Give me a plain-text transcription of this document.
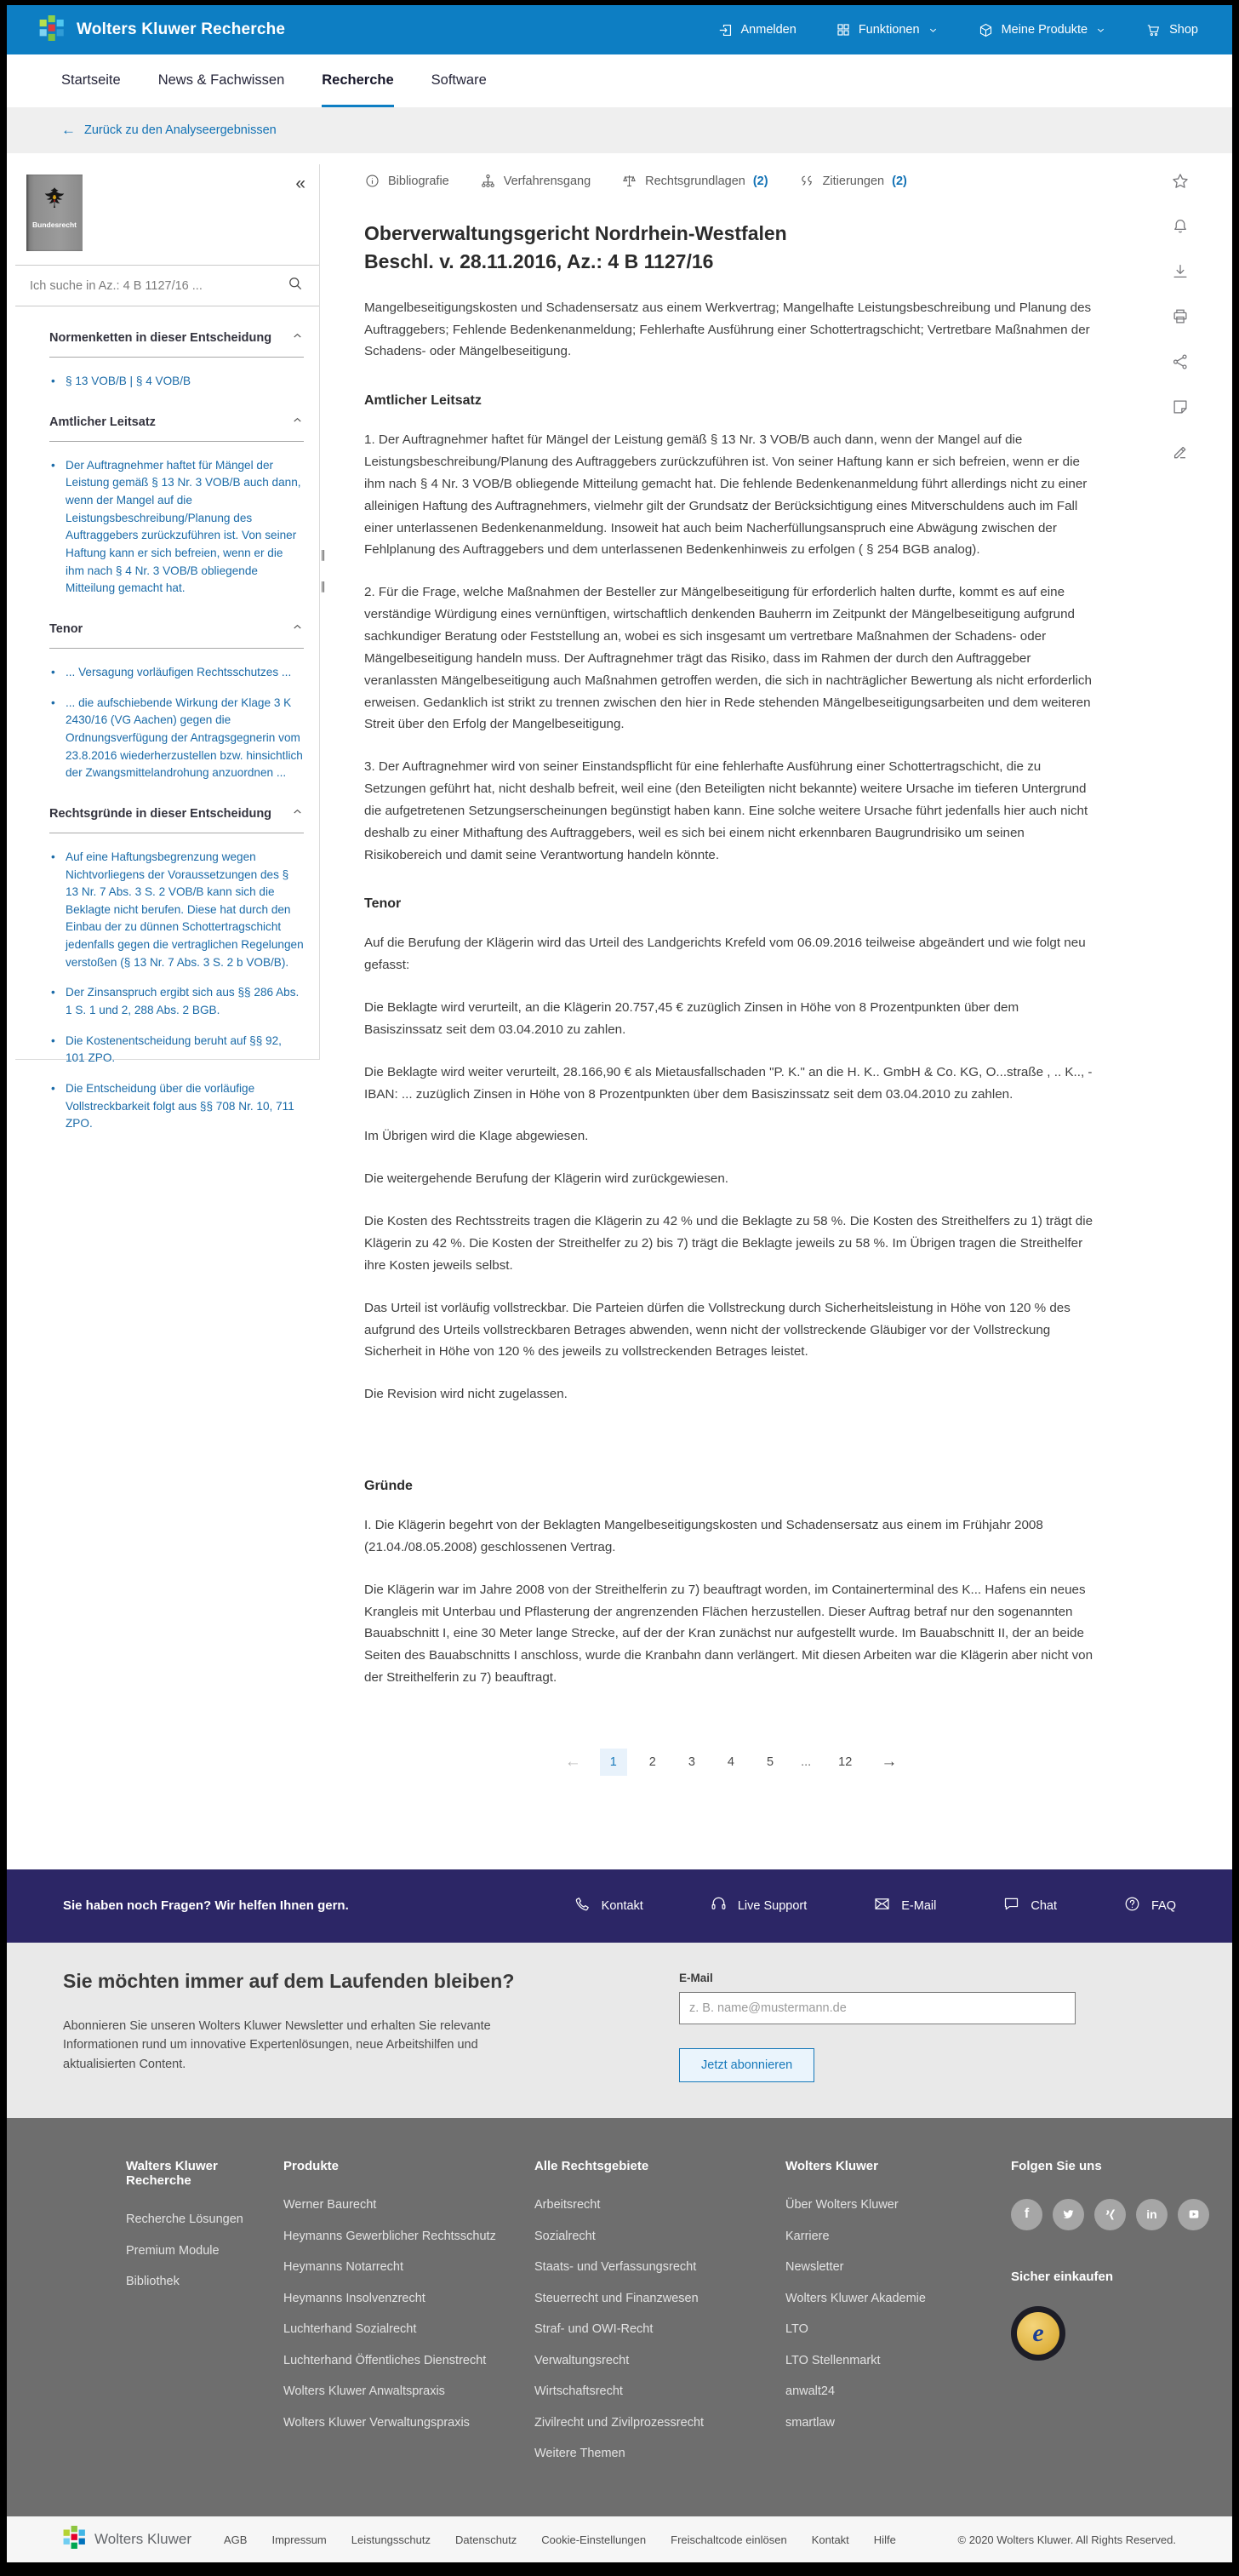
Wolters Kluwer Recherche	Anmelden	Funktionen	Meine Produkte	Shop
Startseite	News & Fachwissen	Recherche	Software
← Zurück zu den Analyseergebnissen
«
Bundesrecht
Ich suche in Az.: 4 B 1127/16 ...
Normenketten in dieser Entscheidung
• § 13 VOB/B | § 4 VOB/B
Amtlicher Leitsatz
• Der Auftragnehmer haftet für Mängel der Leistung gemäß § 13 Nr. 3 VOB/B auch dann, wenn der Mangel auf die Leistungsbeschreibung/Planung des Auftraggebers zurückzuführen ist. Von seiner Haftung kann er sich befreien, wenn er die ihm nach § 4 Nr. 3 VOB/B obliegende Mitteilung gemacht hat.
Tenor
• ... Versagung vorläufigen Rechtsschutzes ...
• ... die aufschiebende Wirkung der Klage 3 K 2430/16 (VG Aachen) gegen die Ordnungsverfügung der Antragsgegnerin vom 23.8.2016 wiederherzustellen bzw. hinsichtlich der Zwangsmittelandrohung anzuordnen ...
Rechtsgründe in dieser Entscheidung
• Auf eine Haftungsbegrenzung wegen Nichtvorliegens der Voraussetzungen des § 13 Nr. 7 Abs. 3 S. 2 VOB/B kann sich die Beklagte nicht berufen. Diese hat durch den Einbau der zu dünnen Schottertragschicht jedenfalls gegen die vertraglichen Regelungen verstoßen (§ 13 Nr. 7 Abs. 3 S. 2 b VOB/B).
• Der Zinsanspruch ergibt sich aus §§ 286 Abs. 1 S. 1 und 2, 288 Abs. 2 BGB.
• Die Kostenentscheidung beruht auf §§ 92, 101 ZPO.
• Die Entscheidung über die vorläufige Vollstreckbarkeit folgt aus §§ 708 Nr. 10, 711 ZPO.
∥
∥
Bibliografie	Verfahrensgang	Rechtsgrundlagen (2)	Zitierungen (2)
Oberverwaltungsgericht Nordrhein-Westfalen
Beschl. v. 28.11.2016, Az.: 4 B 1127/16

Mangelbeseitigungskosten und Schadensersatz aus einem Werkvertrag; Mangelhafte Leistungsbeschreibung und Planung des Auftraggebers; Fehlende Bedenkenanmeldung; Fehlerhafte Ausführung einer Schottertragschicht; Vertretbare Maßnahmen der Schadens- oder Mängelbeseitigung.

Amtlicher Leitsatz

1. Der Auftragnehmer haftet für Mängel der Leistung gemäß § 13 Nr. 3 VOB/B auch dann, wenn der Mangel auf die Leistungsbeschreibung/Planung des Auftraggebers zurückzuführen ist. Von seiner Haftung kann er sich befreien, wenn er die ihm nach § 4 Nr. 3 VOB/B obliegende Mitteilung gemacht hat. Die fehlende Bedenkenanmeldung führt allerdings nicht zu einer alleinigen Haftung des Auftragnehmers, vielmehr gilt der Grundsatz der Berücksichtigung eines Mitverschuldens auch im Fall einer unterlassenen Bedenkenanmeldung. Insoweit hat auch beim Nacherfüllungsanspruch eine Abwägung zwischen der Fehlplanung des Auftraggebers und dem unterlassenen Bedenkenhinweis zu erfolgen ( § 254 BGB analog).

2. Für die Frage, welche Maßnahmen der Besteller zur Mängelbeseitigung für erforderlich halten durfte, kommt es auf eine verständige Würdigung eines vernünftigen, wirtschaftlich denkenden Bauherrn im Zeitpunkt der Mängelbeseitigung aufgrund sachkundiger Beratung oder Feststellung an, wobei es sich insgesamt um vertretbare Maßnahmen der Schadens- oder Mängelbeseitigung handeln muss. Der Auftragnehmer trägt das Risiko, dass im Rahmen der durch den Auftraggeber veranlassten Mängelbeseitigung auch Maßnahmen getroffen werden, die sich in nachträglicher Bewertung als nicht erforderlich erweisen. Gedanklich ist strikt zu trennen zwischen den hier in Rede stehenden Mängelbeseitigungsarbeiten und dem weiteren Streit über den Erfolg der Mangelbeseitigung.

3. Der Auftragnehmer wird von seiner Einstandspflicht für eine fehlerhafte Ausführung einer Schottertragschicht, die zu Setzungen geführt hat, nicht deshalb befreit, weil eine (den Beteiligten nicht bekannte) weitere Ursache im tieferen Untergrund die aufgetretenen Setzungserscheinungen begünstigt haben kann. Eine solche weitere Ursache führt jedenfalls hier auch nicht deshalb zu einer Mithaftung des Auftraggebers, weil es sich bei einem nicht erkennbaren Baugrundrisiko um seinen Risikobereich und damit seine Verantwortung handeln könnte.

Tenor

Auf die Berufung der Klägerin wird das Urteil des Landgerichts Krefeld vom 06.09.2016 teilweise abgeändert und wie folgt neu gefasst:

Die Beklagte wird verurteilt, an die Klägerin 20.757,45 € zuzüglich Zinsen in Höhe von 8 Prozentpunkten über dem Basiszinssatz seit dem 03.04.2010 zu zahlen.

Die Beklagte wird weiter verurteilt, 28.166,90 € als Mietausfallschaden "P. K." an die H. K.. GmbH & Co. KG, O...straße , .. K.., - IBAN: ... zuzüglich Zinsen in Höhe von 8 Prozentpunkten über dem Basiszinssatz seit dem 03.04.2010 zu zahlen.

Im Übrigen wird die Klage abgewiesen.

Die weitergehende Berufung der Klägerin wird zurückgewiesen.

Die Kosten des Rechtsstreits tragen die Klägerin zu 42 % und die Beklagte zu 58 %. Die Kosten des Streithelfers zu 1) trägt die Klägerin zu 42 %. Die Kosten der Streithelfer zu 2) bis 7) trägt die Beklagte jeweils zu 58 %. Im Übrigen tragen die Streithelfer ihre Kosten jeweils selbst.

Das Urteil ist vorläufig vollstreckbar. Die Parteien dürfen die Vollstreckung durch Sicherheitsleistung in Höhe von 120 % des aufgrund des Urteils vollstreckbaren Betrages abwenden, wenn nicht der vollstreckende Gläubiger vor der Vollstreckung Sicherheit in Höhe von 120 % des jeweils zu vollstreckenden Betrages leistet.

Die Revision wird nicht zugelassen.

Gründe

I. Die Klägerin begehrt von der Beklagten Mangelbeseitigungskosten und Schadensersatz aus einem im Frühjahr 2008 (21.04./08.05.2008) geschlossenen Vertrag.

Die Klägerin war im Jahre 2008 von der Streithelferin zu 7) beauftragt worden, im Containerterminal des K... Hafens ein neues Krangleis mit Unterbau und Pflasterung der angrenzenden Flächen herzustellen. Dieser Auftrag betraf nur den sogenannten Bauabschnitt I, eine 30 Meter lange Strecke, auf der der Kran zunächst nur aufgestellt wurde. Im Bauabschnitt II, der an beide Seiten des Bauabschnitts I anschloss, wurde die Kranbahn dann verlängert. Mit diesen Arbeiten war die Klägerin aber nicht von der Streithelferin zu 7) beauftragt.

←	1	2	3	4	5	...	12	→
Sie haben noch Fragen? Wir helfen Ihnen gern.	Kontakt	Live Support	E-Mail	Chat	FAQ
Sie möchten immer auf dem Laufenden bleiben?

Abonnieren Sie unseren Wolters Kluwer Newsletter und erhalten Sie relevante Informationen rund um innovative Expertenlösungen, neue Arbeitshilfen und aktualisierten Content.

E-Mail
z. B. name@mustermann.de Jetzt abonnieren
Walters Kluwer Recherche
Recherche Lösungen
Premium Module
Bibliothek
Produkte
Werner Baurecht
Heymanns Gewerblicher Rechtsschutz
Heymanns Notarrecht
Heymanns Insolvenzrecht
Luchterhand Sozialrecht
Luchterhand Öffentliches Dienstrecht
Wolters Kluwer Anwaltspraxis
Wolters Kluwer Verwaltungspraxis
Alle Rechtsgebiete
Arbeitsrecht
Sozialrecht
Staats- und Verfassungsrecht
Steuerrecht und Finanzwesen
Straf- und OWI-Recht
Verwaltungsrecht
Wirtschaftsrecht
Zivilrecht und Zivilprozessrecht
Weitere Themen
Wolters Kluwer
Über Wolters Kluwer
Karriere
Newsletter
Wolters Kluwer Akademie
LTO
LTO Stellenmarkt
anwalt24
smartlaw
Folgen Sie uns
f	in
Sicher einkaufen
e
Wolters Kluwer	AGB Impressum Leistungsschutz Datenschutz Cookie-Einstellungen Freischaltcode einlösen Kontakt Hilfe	© 2020 Wolters Kluwer. All Rights Reserved.
